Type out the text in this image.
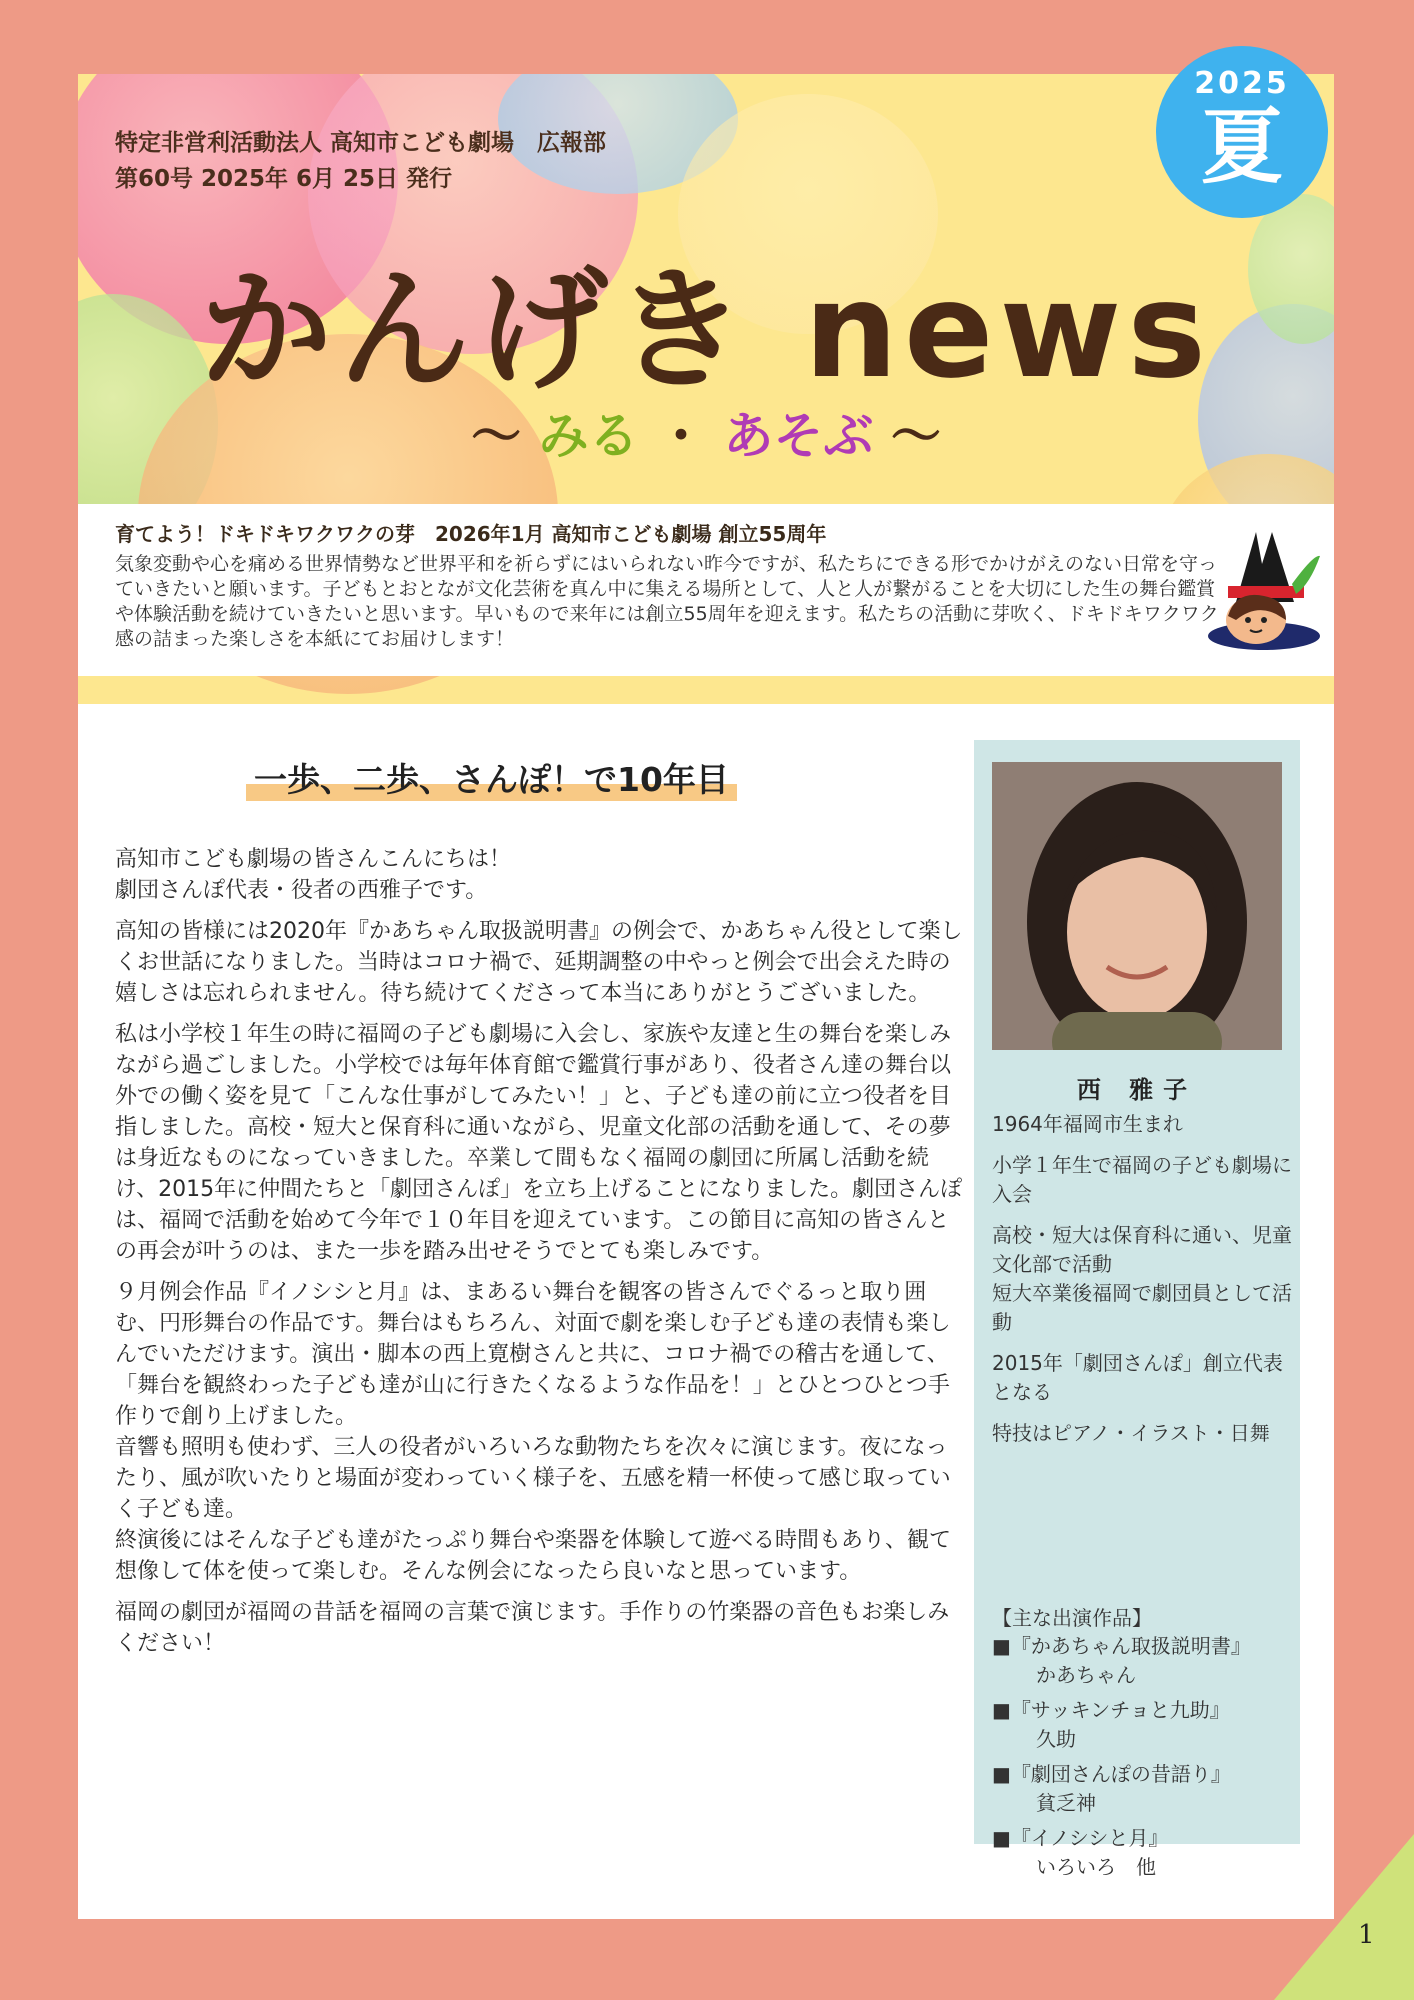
特定非営利活動法人 高知市こども劇場　広報部
第60号 2025年 6月 25日 発行
かんげき news
〜 みる ・ あそぶ 〜
育てよう！ドキドキワクワクの芽　2026年1月 高知市こども劇場 創立55周年
気象変動や心を痛める世界情勢など世界平和を祈らずにはいられない昨今ですが、私たちにできる形でかけがえのない日常を守っていきたいと願います。子どもとおとなが文化芸術を真ん中に集える場所として、人と人が繋がることを大切にした生の舞台鑑賞や体験活動を続けていきたいと思います。早いもので来年には創立55周年を迎えます。私たちの活動に芽吹く、ドキドキワクワク感の詰まった楽しさを本紙にてお届けします！
一歩、二歩、さんぽ！で10年目

高知市こども劇場の皆さんこんにちは！
劇団さんぽ代表・役者の西雅子です。

高知の皆様には2020年『かあちゃん取扱説明書』の例会で、かあちゃん役として楽しくお世話になりました。当時はコロナ禍で、延期調整の中やっと例会で出会えた時の嬉しさは忘れられません。待ち続けてくださって本当にありがとうございました。

私は小学校１年生の時に福岡の子ども劇場に入会し、家族や友達と生の舞台を楽しみながら過ごしました。小学校では毎年体育館で鑑賞行事があり、役者さん達の舞台以外での働く姿を見て「こんな仕事がしてみたい！」と、子ども達の前に立つ役者を目指しました。高校・短大と保育科に通いながら、児童文化部の活動を通して、その夢は身近なものになっていきました。卒業して間もなく福岡の劇団に所属し活動を続け、2015年に仲間たちと「劇団さんぽ」を立ち上げることになりました。劇団さんぽは、福岡で活動を始めて今年で１０年目を迎えています。この節目に高知の皆さんとの再会が叶うのは、また一歩を踏み出せそうでとても楽しみです。

９月例会作品『イノシシと月』は、まあるい舞台を観客の皆さんでぐるっと取り囲む、円形舞台の作品です。舞台はもちろん、対面で劇を楽しむ子ども達の表情も楽しんでいただけます。演出・脚本の西上寛樹さんと共に、コロナ禍での稽古を通して、「舞台を観終わった子ども達が山に行きたくなるような作品を！」とひとつひとつ手作りで創り上げました。
音響も照明も使わず、三人の役者がいろいろな動物たちを次々に演じます。夜になったり、風が吹いたりと場面が変わっていく様子を、五感を精一杯使って感じ取っていく子ども達。
終演後にはそんな子ども達がたっぷり舞台や楽器を体験して遊べる時間もあり、観て想像して体を使って楽しむ。そんな例会になったら良いなと思っています。

福岡の劇団が福岡の昔話を福岡の言葉で演じます。手作りの竹楽器の音色もお楽しみください！

西 雅子

1964年福岡市生まれ

小学１年生で福岡の子ども劇場に入会

高校・短大は保育科に通い、児童文化部で活動

短大卒業後福岡で劇団員として活動

2015年「劇団さんぽ」創立代表となる

特技はピアノ・イラスト・日舞

【主な出演作品】
■『かあちゃん取扱説明書』
かあちゃん
■『サッキンチョと九助』
久助
■『劇団さんぽの昔語り』
貧乏神
■『イノシシと月』
いろいろ　他
2025
夏
1
